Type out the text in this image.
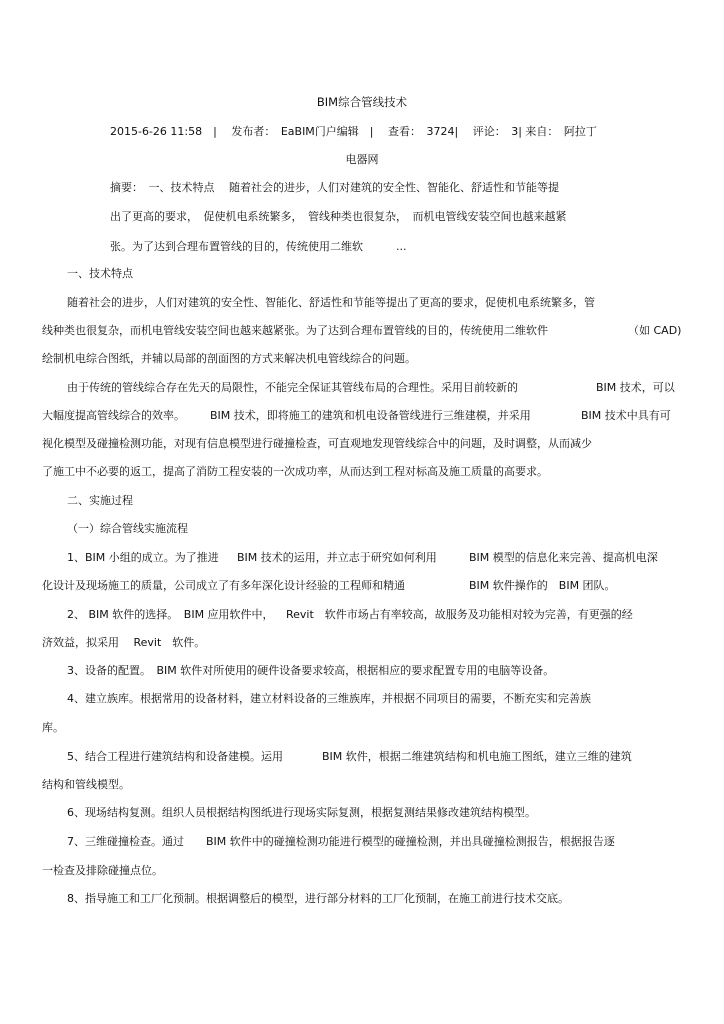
BIM综合管线技术
2015-6-26 11:58　|　 发布者：　EaBIM门户编辑　|　 查看：　3724|　 评论：　3| 来自：　阿拉丁
电器网
摘要：　一、技术特点　 随着社会的进步，人们对建筑的安全性、智能化、舒适性和节能等提
出了更高的要求，　促使机电系统繁多，　管线种类也很复杂，　而机电管线安装空间也越来越紧
张。为了达到合理布置管线的目的，传统使用二维软　　　...
一、技术特点
随着社会的进步，人们对建筑的安全性、智能化、舒适性和节能等提出了更高的要求，促使机电系统繁多，管
线种类也很复杂，而机电管线安装空间也越来越紧张。为了达到合理布置管线的目的，传统使用二维软件	（如 CAD)
绘制机电综合图纸，并辅以局部的剖面图的方式来解决机电管线综合的问题。
由于传统的管线综合存在先天的局限性，不能完全保证其管线布局的合理性。采用目前较新的	BIM 技术，可以
大幅度提高管线综合的效率。 BIM 技术，即将施工的建筑和机电设备管线进行三维建模，并采用	BIM 技术中具有可
视化模型及碰撞检测功能，对现有信息模型进行碰撞检查，可直观地发现管线综合中的问题，及时调整，从而减少
了施工中不必要的返工，提高了消防工程安装的一次成功率，从而达到工程对标高及施工质量的高要求。
二、实施过程
（一）综合管线实施流程
1、BIM 小组的成立。为了推进 BIM 技术的运用，并立志于研究如何利用	BIM 模型的信息化来完善、提高机电深
化设计及现场施工的质量，公司成立了有多年深化设计经验的工程师和精通	BIM 软件操作的　BIM 团队。
2、 BIM 软件的选择。　BIM 应用软件中， Revit　软件市场占有率较高，故服务及功能相对较为完善，有更强的经
济效益，拟采用　 Revit　软件。
3、设备的配置。　BIM 软件对所使用的硬件设备要求较高，根据相应的要求配置专用的电脑等设备。
4、建立族库。根据常用的设备材料，建立材料设备的三维族库，并根据不同项目的需要，不断充实和完善族
库。
5、结合工程进行建筑结构和设备建模。运用	BIM 软件，根据二维建筑结构和机电施工图纸，建立三维的建筑
结构和管线模型。
6、现场结构复测。组织人员根据结构图纸进行现场实际复测，根据复测结果修改建筑结构模型。
7、三维碰撞检查。通过 BIM 软件中的碰撞检测功能进行模型的碰撞检测，并出具碰撞检测报告，根据报告逐
一检查及排除碰撞点位。
8、指导施工和工厂化预制。根据调整后的模型，进行部分材料的工厂化预制，在施工前进行技术交底。
